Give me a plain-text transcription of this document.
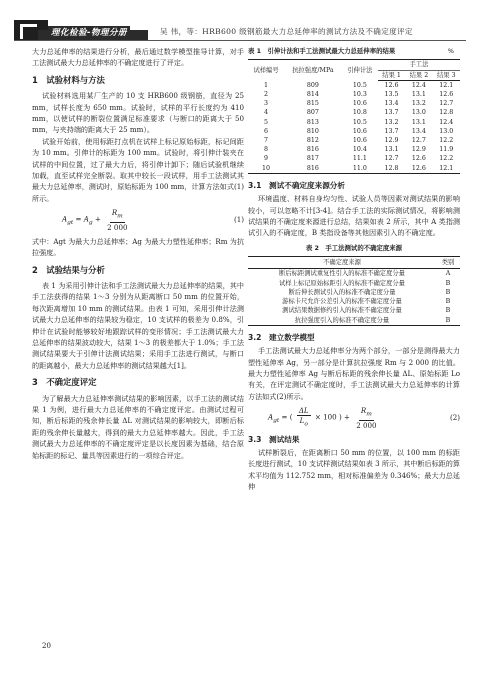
理化检验-物理分册	吴 伟，等：HRB600 级钢筋最大力总延伸率的测试方法及不确定度评定

大力总延伸率的结果进行分析，最后通过数学模型推导计算，对手工法测试最大力总延伸率的不确定度进行了评定。

1　试验材料与方法

试验材料选用某厂生产的 10 支 HRB600 级钢筋，直径为 25 mm，试样长度为 650 mm。试验时，试样的平行长度约为 410 mm，以使试样的断裂位置满足标准要求（与断口的距离大于 50 mm，与夹持端的距离大于 25 mm）。

试验开始前，使用标距打点机在试样上标记原始标距，标记间距为 10 mm。引伸计的标距为 100 mm。试验时，将引伸计装夹在试样的中间位置，过了最大力后，将引伸计卸下；随后试验机继续加载，直至试样完全断裂。取其中较长一段试样，用手工法测试其最大力总延伸率，测试时，原始标距为 100 mm，计算方法如式(1)所示。

$A_{gt} = A_g + \frac{R_m}{2 000}$	(1)

式中：Agt 为最大力总延伸率；Ag 为最大力塑性延伸率；Rm 为抗拉强度。

2　试验结果与分析

表 1 为采用引伸计法和手工法测试最大力总延伸率的结果，其中手工法获得的结果 1～3 分别为从距离断口 50 mm 的位置开始，每次距离增加 10 mm 的测试结果。由表 1 可知，采用引伸计法测试最大力总延伸率的结果较为稳定，10 支试样的极差为 0.8%，引伸计在试验时能够较好地跟踪试样的变形情况；手工法测试最大力总延伸率的结果波动较大，结果 1～3 的极差都大于 1.0%；手工法测试结果要大于引伸计法测试结果；采用手工法进行测试，与断口的距离越小，最大力总延伸率的测试结果越大[1]。

3　不确定度评定

为了解最大力总延伸率测试结果的影响因素，以手工法的测试结果 1 为例，进行最大力总延伸率的不确定度评定。由测试过程可知，断后标距的残余伸长量 ΔL 对测试结果的影响较大，即断后标距的残余伸长量越大，得到的最大力总延伸率越大。因此，手工法测试最大力总延伸率的不确定度评定是以长度因素为基础，结合原始标距的标记、量具等因素进行的一项综合评定。

表 1　引伸计法和手工法测试最大力总延伸率的结果	%
试样编号	抗拉强度/MPa	引伸计法	手工法		
			结果 1	结果 2	结果 3
1	809	10.5	12.6	12.4	12.1
2	814	10.3	13.5	13.1	12.6
3	815	10.6	13.4	13.2	12.7
4	807	10.8	13.7	13.0	12.8
5	813	10.5	13.2	13.1	12.4
6	810	10.6	13.7	13.4	13.0
7	812	10.6	12.9	12.7	12.2
8	816	10.4	13.1	12.9	11.9
9	817	11.1	12.7	12.6	12.2
10	816	11.0	12.8	12.6	12.1
3.1　测试不确定度来源分析

环境温度、材料自身均匀性、试验人员等因素对测试结果的影响较小，可以忽略不计[3-4]。结合手工法的实际测试情况，将影响测试结果的不确定度来源进行总结，结果如表 2 所示，其中 A 类指测试引入的不确定度，B 类指设备等其他因素引入的不确定度。

表 2　手工法测试的不确定度来源
不确定度来源	类别
断后标距测试重复性引入的标准不确定度分量	A
试样上标记原始标距引入的标准不确定度分量	B
断后伸长测试引入的标准不确定度分量	B
游标卡尺允许公差引入的标准不确定度分量	B
测试结果数据修约引入的标准不确定度分量	B
抗拉强度引入的标准不确定度分量	B
3.2　建立数学模型

手工法测试最大力总延伸率分为两个部分，一部分是测得最大力塑性延伸率 Ag，另一部分是计算抗拉强度 Rm 与 2 000 的比值。最大力塑性延伸率 Ag 与断后标距的残余伸长量 ΔL、原始标距 Lo 有关，在评定测试不确定度时，手工法测试最大力总延伸率的计算方法如式(2)所示。

$A_{gt}$ = ( $\frac{\Delta L}{L_o} \times 100$ ) + $\frac{R_m}{2 000}$	(2)
3.3　测试结果

试样断裂后，在距离断口 50 mm 的位置，以 100 mm 的标距长度进行测试，10 支试样测试结果如表 3 所示，其中断后标距的算术平均值为 112.752 mm，相对标准偏差为 0.346%；最大力总延伸

20
